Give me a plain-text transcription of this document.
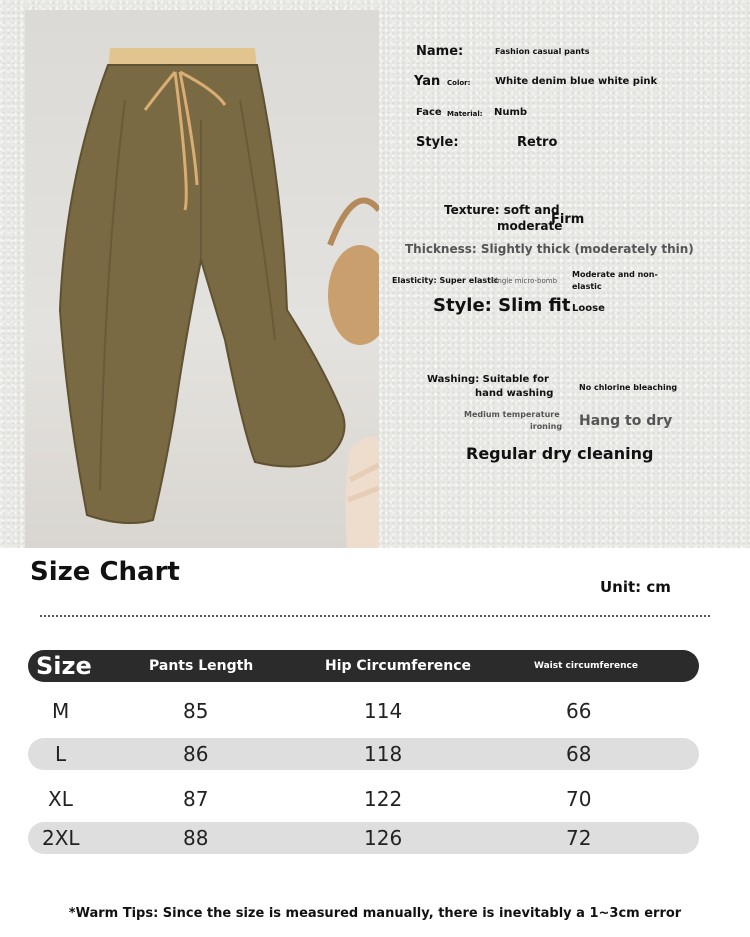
Name:	Fashion casual pants
Yan Color: White denim blue white pink
Face Material: Numb
Style:	Retro
Texture: soft and
moderate
Firm
Thickness: Slightly thick (moderately thin)
Elasticity: Super elastic
Single micro-bomb
Moderate and non-
elastic
Style: Slim fit Loose
Washing: Suitable for
hand washing
No chlorine bleaching
Medium temperature
ironing Hang to dry
Regular dry cleaning
Size Chart	Unit: cm
Size	Pants Length	Hip Circumference	Waist circumference
M	85	114	66
L	86	118	68
XL	87	122	70
2XL	88	126	72
*Warm Tips: Since the size is measured manually, there is inevitably a 1~3cm error
